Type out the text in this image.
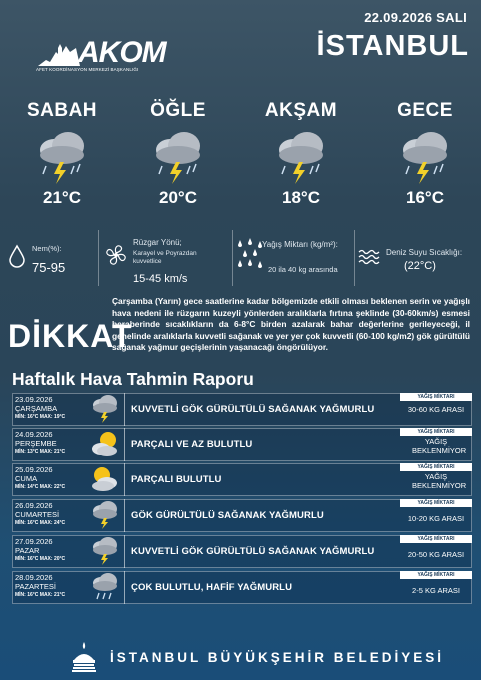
22.09.2026 SALI
İSTANBUL
AKOM
AFET KOORDİNASYON MERKEZİ BAŞKANLIĞI
SABAH
21°C
ÖĞLE
20°C
AKŞAM
18°C
GECE
16°C
Nem(%):
75-95
Rüzgar Yönü;
Karayel ve Poyrazdan kuvvetlice
15-45 km/s
Yağış Miktarı (kg/m²):
20 ila 40 kg arasında
Deniz Suyu Sıcaklığı:
(22°C)
DİKKAT
Çarşamba (Yarın) gece saatlerine kadar bölgemizde etkili olması beklenen serin ve yağışlı hava nedeni ile rüzgarın kuzeyli yönlerden aralıklarla fırtına şeklinde (30-60km/s) esmesi beraberinde sıcaklıkların da 6-8°C birden azalarak bahar değerlerine gerileyeceği, il genelinde aralıklarla kuvvetli sağanak ve yer yer çok kuvvetli (60-100 kg/m2) gök gürültülü sağanak yağmur geçişlerinin yaşanacağı öngörülüyor.
Haftalık Hava Tahmin Raporu
23.09.2026
ÇARŞAMBA
MİN: 16°C MAX: 19°C
KUVVETLİ GÖK GÜRÜLTÜLÜ SAĞANAK YAĞMURLU
YAĞIŞ MİKTARI
30-60 KG ARASI
24.09.2026
PERŞEMBE
MİN: 13°C MAX: 21°C
PARÇALI VE AZ BULUTLU
YAĞIŞ MİKTARI
YAĞIŞ BEKLENMİYOR
25.09.2026
CUMA
MİN: 14°C MAX: 22°C
PARÇALI BULUTLU
YAĞIŞ MİKTARI
YAĞIŞ BEKLENMİYOR
26.09.2026
CUMARTESİ
MİN: 16°C MAX: 24°C
GÖK GÜRÜLTÜLÜ SAĞANAK YAĞMURLU
YAĞIŞ MİKTARI
10-20 KG ARASI
27.09.2026
PAZAR
MİN: 16°C MAX: 20°C
KUVVETLİ GÖK GÜRÜLTÜLÜ SAĞANAK YAĞMURLU
YAĞIŞ MİKTARI
20-50 KG ARASI
28.09.2026
PAZARTESİ
MİN: 16°C MAX: 21°C
ÇOK BULUTLU, HAFİF YAĞMURLU
YAĞIŞ MİKTARI
2-5 KG ARASI
İSTANBUL BÜYÜKŞEHİR BELEDİYESİ
